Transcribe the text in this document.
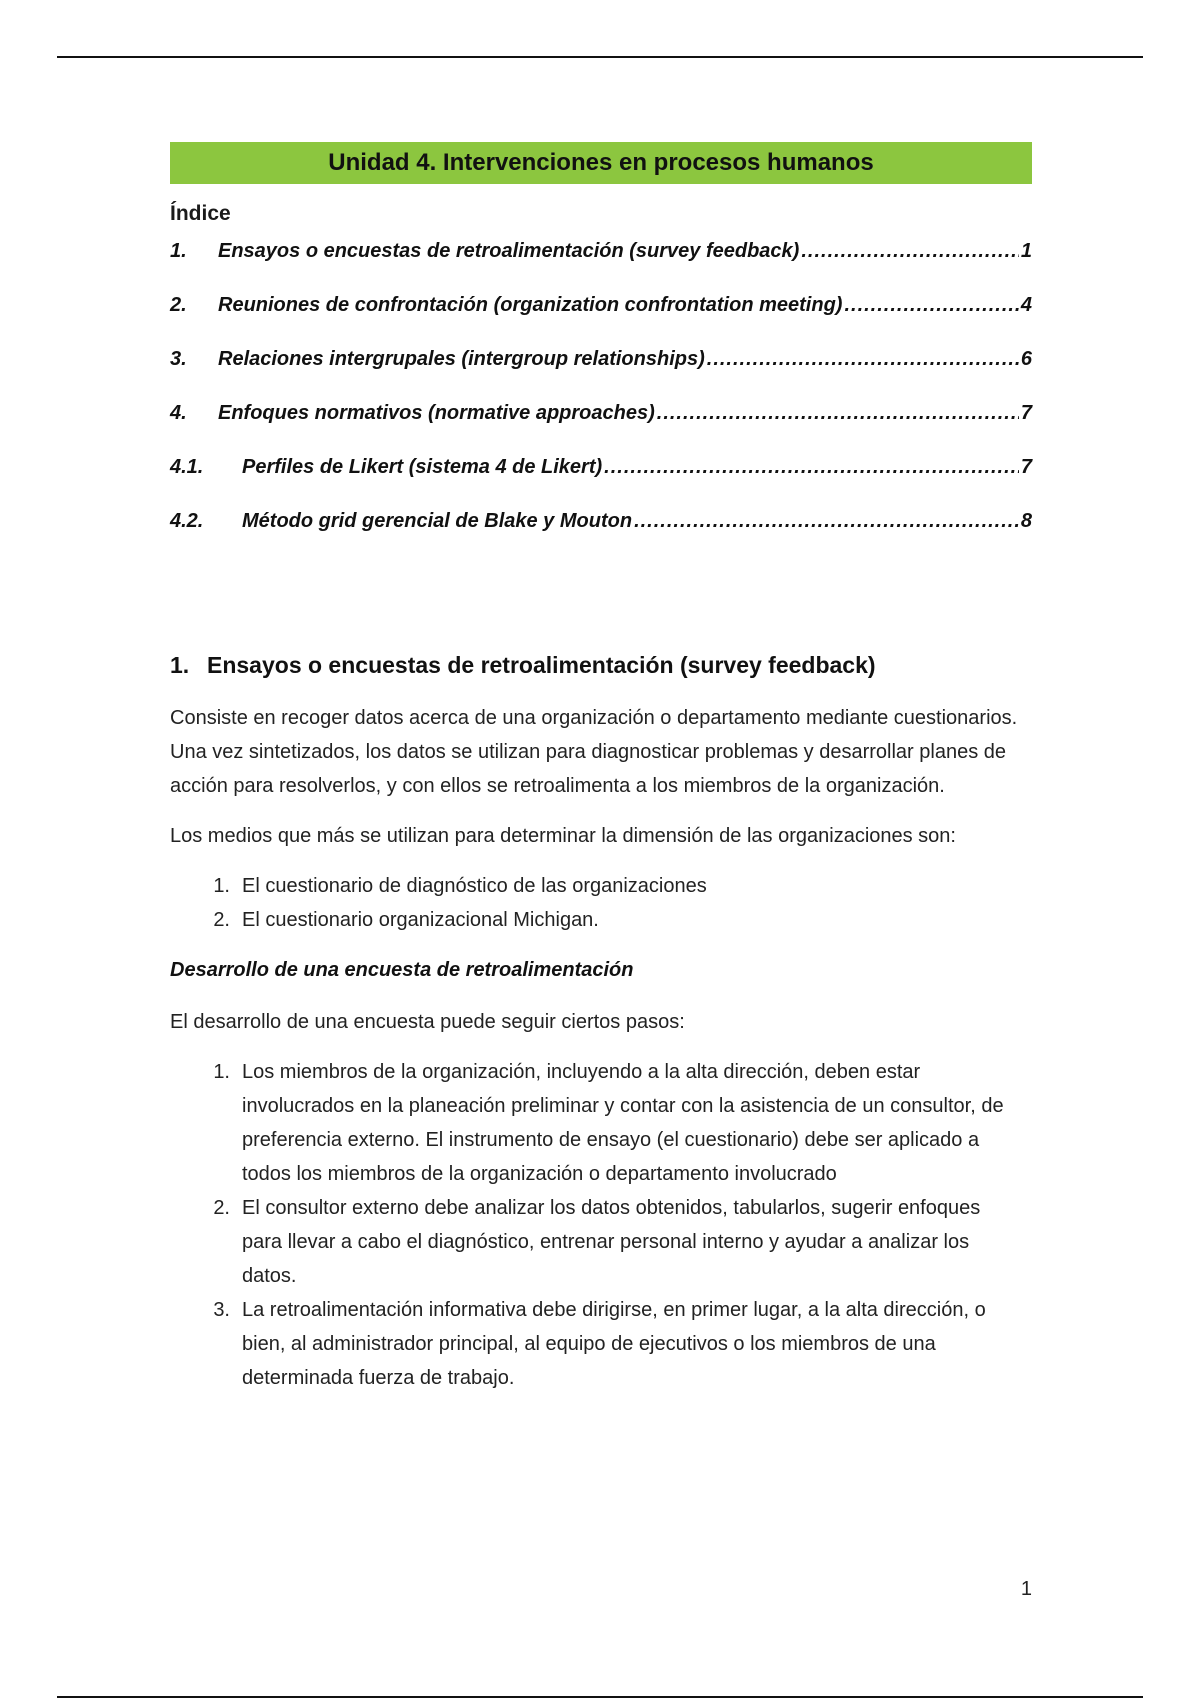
Unidad 4. Intervenciones en procesos humanos
Índice
1.	Ensayos o encuestas de retroalimentación (survey feedback) .....	1
2.	Reuniones de confrontación (organization confrontation meeting) .....	4
3.	Relaciones intergrupales (intergroup relationships) .....	6
4.	Enfoques normativos (normative approaches) .....	7
4.1.	Perfiles de Likert (sistema 4 de Likert) .....	7
4.2.	Método grid gerencial de Blake y Mouton .....	8
1. Ensayos o encuestas de retroalimentación (survey feedback)

Consiste en recoger datos acerca de una organización o departamento mediante cuestionarios. Una vez sintetizados, los datos se utilizan para diagnosticar problemas y desarrollar planes de acción para resolverlos, y con ellos se retroalimenta a los miembros de la organización.

Los medios que más se utilizan para determinar la dimensión de las organizaciones son:

1. El cuestionario de diagnóstico de las organizaciones
2. El cuestionario organizacional Michigan.
Desarrollo de una encuesta de retroalimentación

El desarrollo de una encuesta puede seguir ciertos pasos:

1. Los miembros de la organización, incluyendo a la alta dirección, deben estar involucrados en la planeación preliminar y contar con la asistencia de un consultor, de preferencia externo. El instrumento de ensayo (el cuestionario) debe ser aplicado a todos los miembros de la organización o departamento involucrado
2. El consultor externo debe analizar los datos obtenidos, tabularlos, sugerir enfoques para llevar a cabo el diagnóstico, entrenar personal interno y ayudar a analizar los datos.
3. La retroalimentación informativa debe dirigirse, en primer lugar, a la alta dirección, o bien, al administrador principal, al equipo de ejecutivos o los miembros de una determinada fuerza de trabajo.
1
